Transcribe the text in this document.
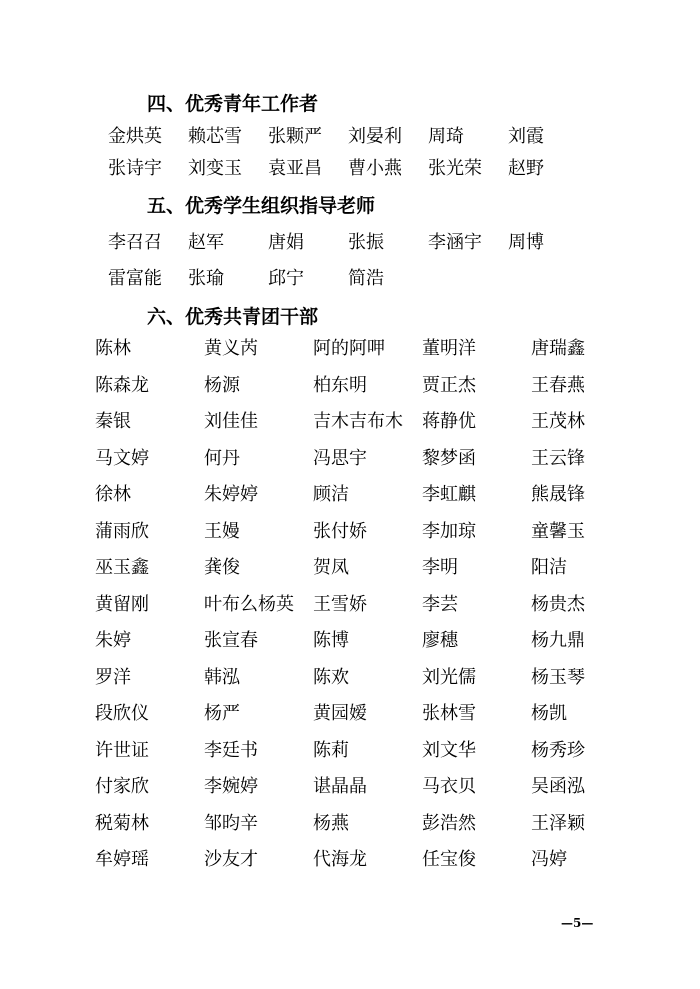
四、优秀青年工作者
金烘英 赖芯雪 张颗严 刘晏利 周琦 刘霞
张诗宇 刘变玉 袁亚昌 曹小燕 张光荣 赵野
五、优秀学生组织指导老师
李召召 赵军 唐娟 张振 李涵宇 周博
雷富能 张瑜 邱宁 简浩
六、优秀共青团干部
陈林	黄义芮	阿的阿呷 董明洋	唐瑞鑫
陈森龙	杨源	柏东明	贾正杰	王春燕
秦银	刘佳佳	吉木吉布木 蒋静优	王茂林
马文婷	何丹	冯思宇	黎梦函	王云锋
徐林	朱婷婷	顾洁	李虹麒	熊晟锋
蒲雨欣	王嫚	张付娇	李加琼	童馨玉
巫玉鑫	龚俊	贺凤	李明	阳洁
黄留刚	叶布么杨英 王雪娇	李芸	杨贵杰
朱婷	张宣春	陈博	廖穗	杨九鼎
罗洋	韩泓	陈欢	刘光儒	杨玉琴
段欣仪	杨严	黄园嫒	张林雪	杨凯
许世证	李廷书	陈莉	刘文华	杨秀珍
付家欣	李婉婷	谌晶晶	马衣贝	吴函泓
税菊林	邹昀辛	杨燕	彭浩然	王泽颖
牟婷瑶	沙友才	代海龙	任宝俊	冯婷
—5—
